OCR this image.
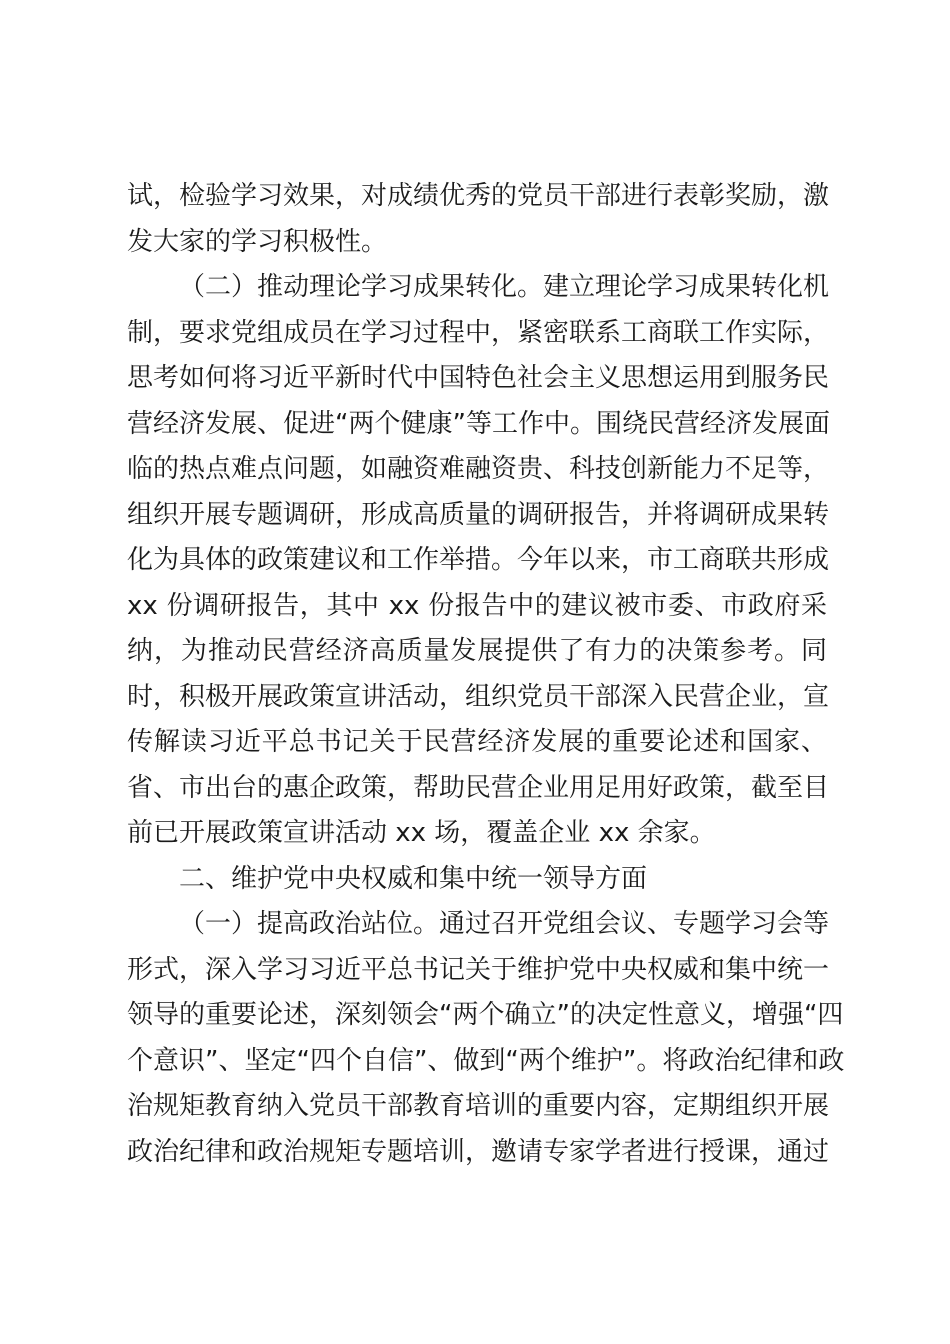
试，检验学习效果，对成绩优秀的党员干部进行表彰奖励，激
发大家的学习积极性。
（二）推动理论学习成果转化。建立理论学习成果转化机
制，要求党组成员在学习过程中，紧密联系工商联工作实际，
思考如何将习近平新时代中国特色社会主义思想运用到服务民
营经济发展、促进“两个健康”等工作中。围绕民营经济发展面
临的热点难点问题，如融资难融资贵、科技创新能力不足等，
组织开展专题调研，形成高质量的调研报告，并将调研成果转
化为具体的政策建议和工作举措。今年以来，市工商联共形成
xx 份调研报告，其中 xx 份报告中的建议被市委、市政府采
纳，为推动民营经济高质量发展提供了有力的决策参考。同
时，积极开展政策宣讲活动，组织党员干部深入民营企业，宣
传解读习近平总书记关于民营经济发展的重要论述和国家、
省、市出台的惠企政策，帮助民营企业用足用好政策，截至目
前已开展政策宣讲活动 xx 场，覆盖企业 xx 余家。
二、维护党中央权威和集中统一领导方面
（一）提高政治站位。通过召开党组会议、专题学习会等
形式，深入学习习近平总书记关于维护党中央权威和集中统一
领导的重要论述，深刻领会“两个确立”的决定性意义，增强“四
个意识”、坚定“四个自信”、做到“两个维护”。将政治纪律和政
治规矩教育纳入党员干部教育培训的重要内容，定期组织开展
政治纪律和政治规矩专题培训，邀请专家学者进行授课，通过
